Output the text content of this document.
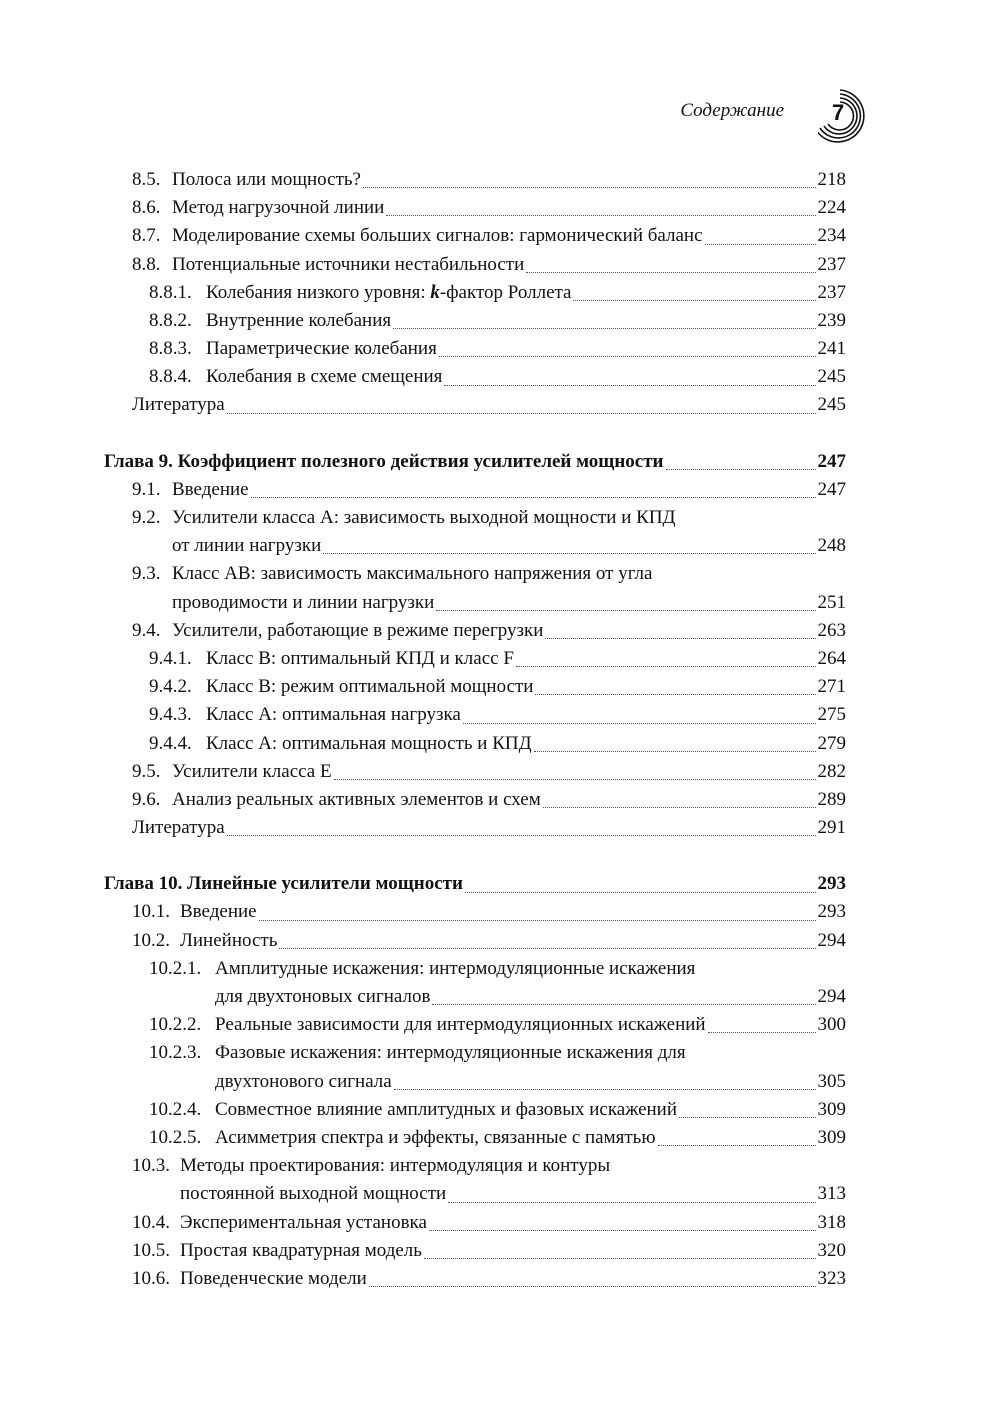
Содержание 7
8.5. Полоса или мощность?	218
8.6. Метод нагрузочной линии	224
8.7. Моделирование схемы больших сигналов: гармонический баланс	234
8.8. Потенциальные источники нестабильности	237
8.8.1. Колебания низкого уровня: k-фактор Роллета	237
8.8.2. Внутренние колебания	239
8.8.3. Параметрические колебания	241
8.8.4. Колебания в схеме смещения	245
Литература	245
Глава 9. Коэффициент полезного действия усилителей мощности	247
9.1. Введение	247
9.2. Усилители класса А: зависимость выходной мощности и КПД
от линии нагрузки	248
9.3. Класс АВ: зависимость максимального напряжения от угла
проводимости и линии нагрузки	251
9.4. Усилители, работающие в режиме перегрузки	263
9.4.1. Класс В: оптимальный КПД и класс F	264
9.4.2. Класс В: режим оптимальной мощности	271
9.4.3. Класс А: оптимальная нагрузка	275
9.4.4. Класс А: оптимальная мощность и КПД	279
9.5. Усилители класса Е	282
9.6. Анализ реальных активных элементов и схем	289
Литература	291
Глава 10. Линейные усилители мощности	293
10.1. Введение	293
10.2. Линейность	294
10.2.1. Амплитудные искажения: интермодуляционные искажения
для двухтоновых сигналов	294
10.2.2. Реальные зависимости для интермодуляционных искажений	300
10.2.3. Фазовые искажения: интермодуляционные искажения для
двухтонового сигнала	305
10.2.4. Совместное влияние амплитудных и фазовых искажений	309
10.2.5. Асимметрия спектра и эффекты, связанные с памятью	309
10.3. Методы проектирования: интермодуляция и контуры
постоянной выходной мощности	313
10.4. Экспериментальная установка	318
10.5. Простая квадратурная модель	320
10.6. Поведенческие модели	323
